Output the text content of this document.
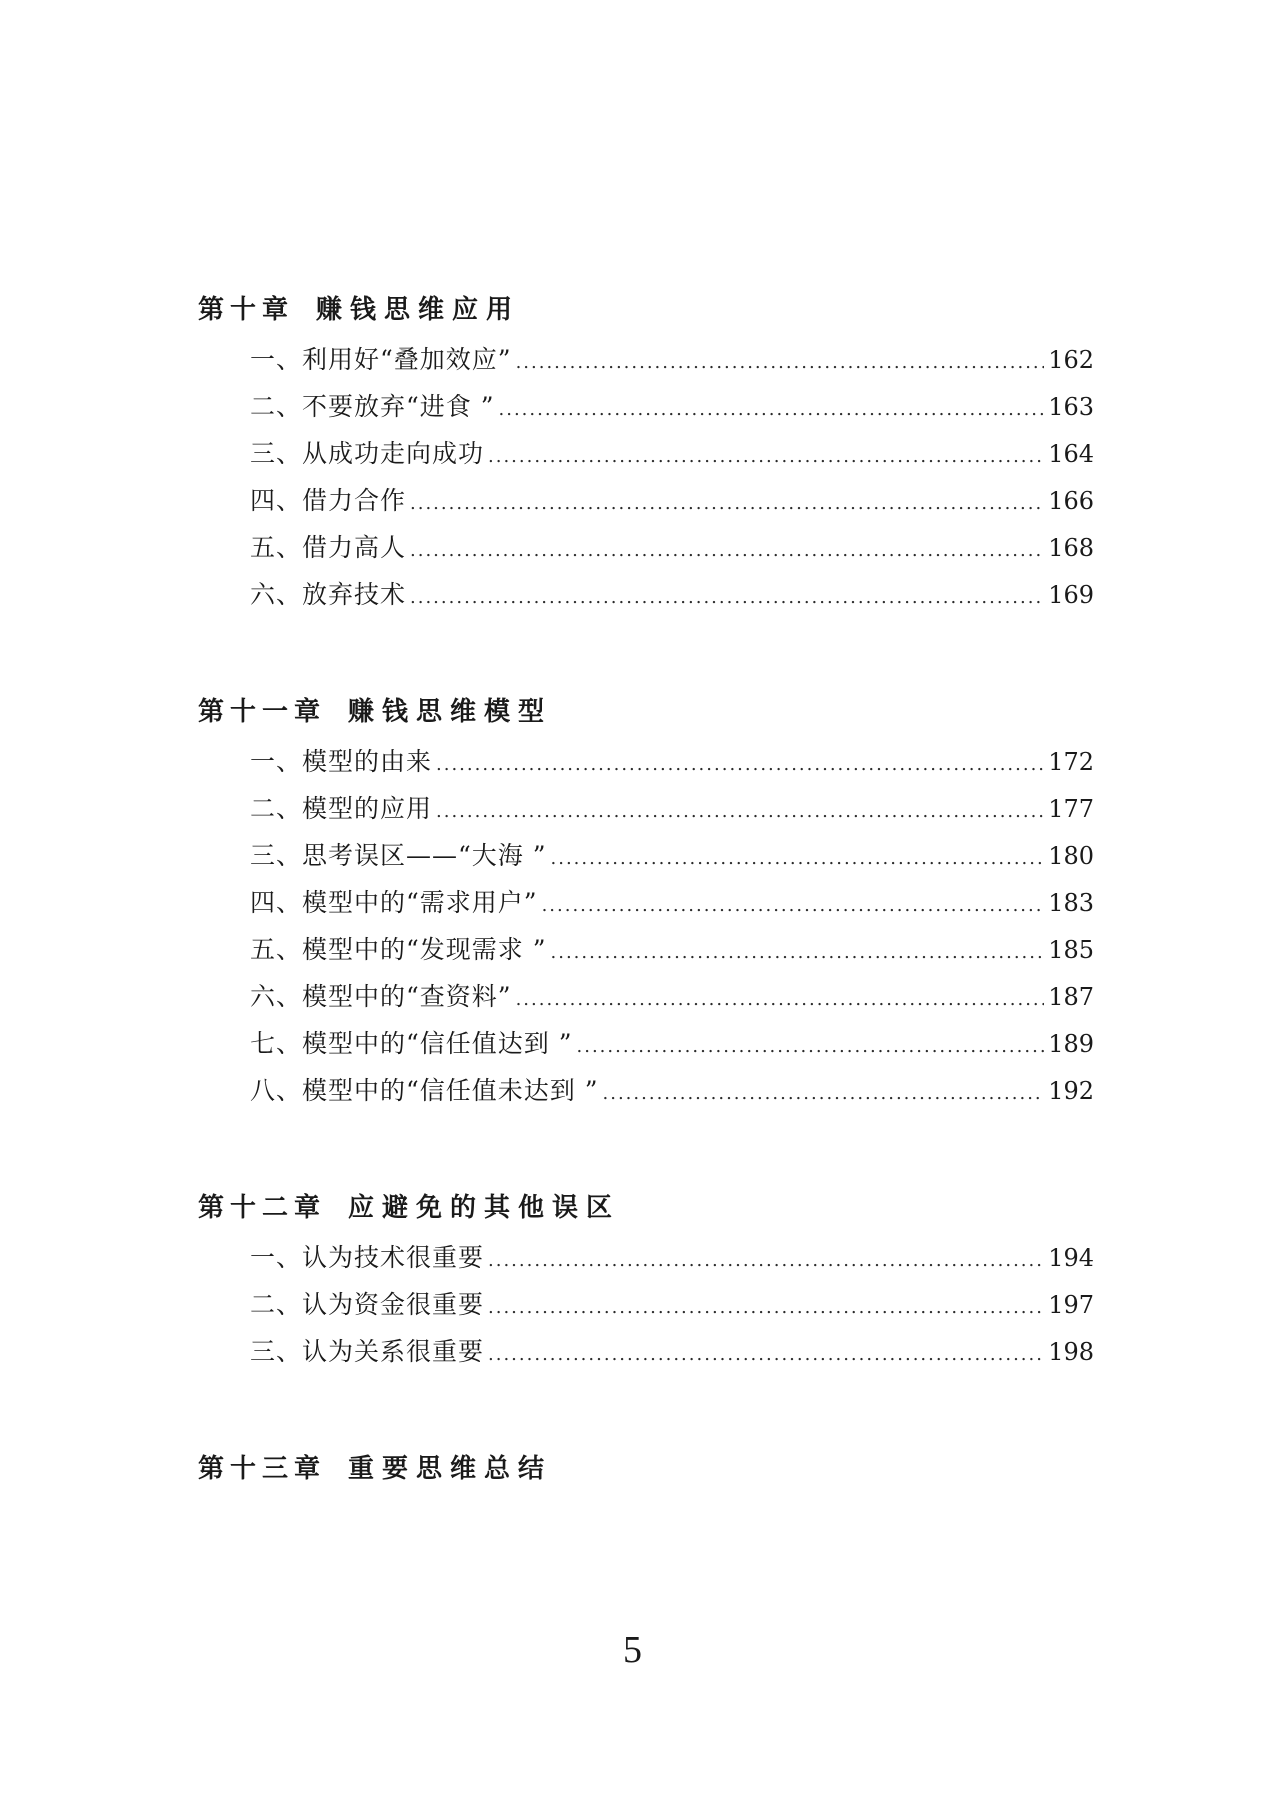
第十章 赚钱思维应用
一、利用好“叠加效应” .....	162
二、不要放弃“进食 ” .....	163
三、从成功走向成功 .....	164
四、借力合作 .....	166
五、借力高人 .....	168
六、放弃技术 .....	169
第十一章 赚钱思维模型
一、模型的由来 .....	172
二、模型的应用 .....	177
三、思考误区——“大海 ” .....	180
四、模型中的“需求用户” .....	183
五、模型中的“发现需求 ” .....	185
六、模型中的“查资料” .....	187
七、模型中的“信任值达到 ” .....	189
八、模型中的“信任值未达到 ” .....	192
第十二章 应避免的其他误区
一、认为技术很重要 .....	194
二、认为资金很重要 .....	197
三、认为关系很重要 .....	198
第十三章 重要思维总结
5
